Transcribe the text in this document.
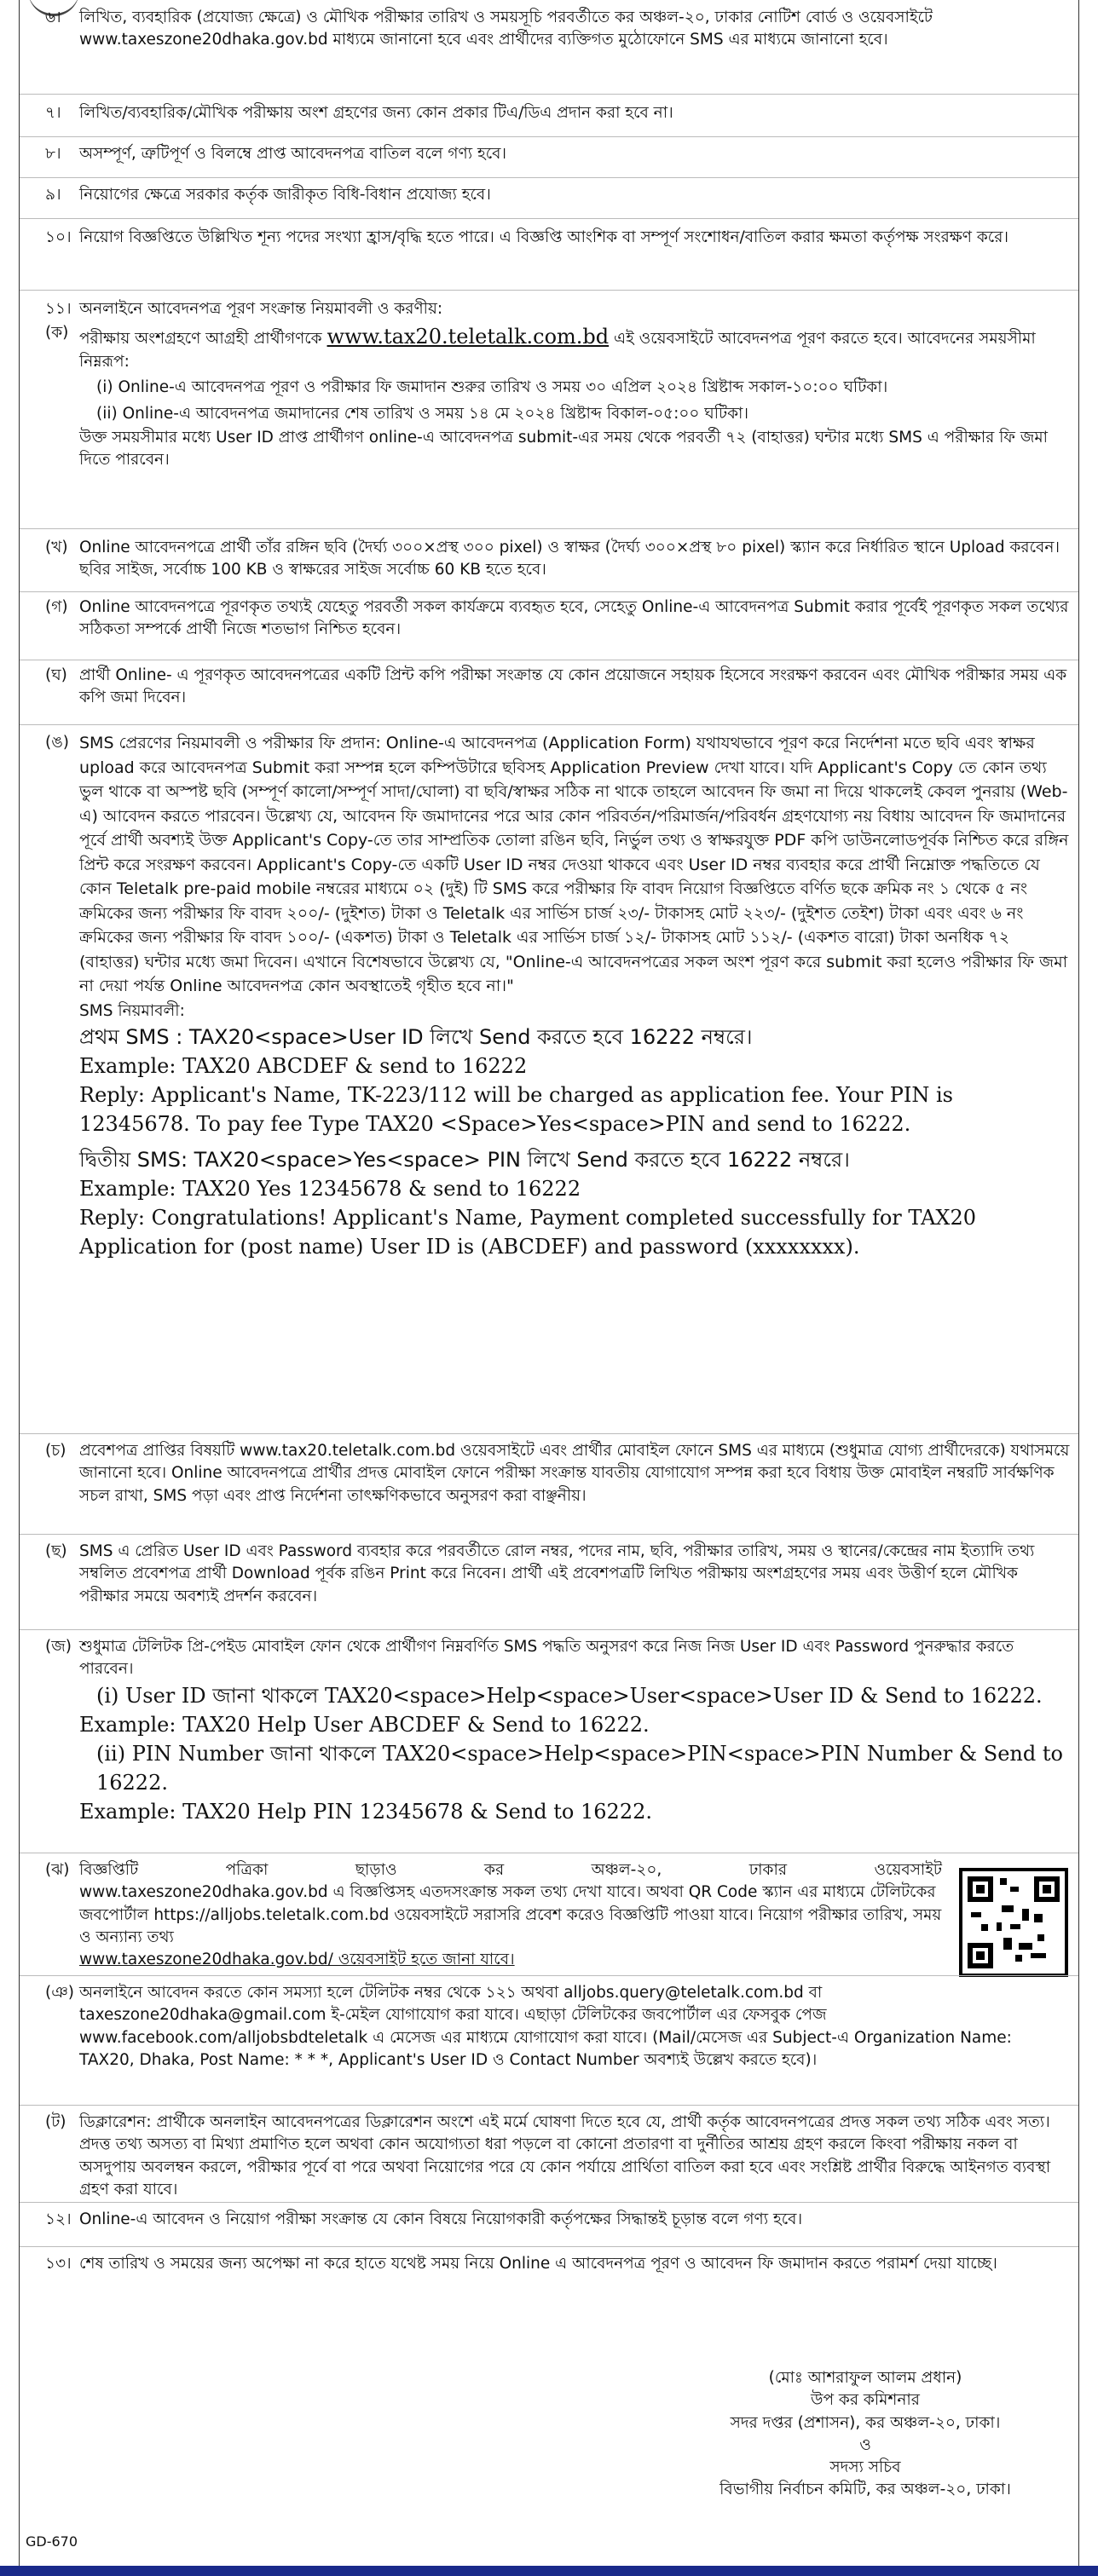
৬।	লিখিত, ব্যবহারিক (প্রযোজ্য ক্ষেত্রে) ও মৌখিক পরীক্ষার তারিখ ও সময়সূচি পরবর্তীতে কর অঞ্চল-২০, ঢাকার নোটিশ বোর্ড ও ওয়েবসাইটে www.taxeszone20dhaka.gov.bd মাধ্যমে জানানো হবে এবং প্রার্থীদের ব্যক্তিগত মুঠোফোনে SMS এর মাধ্যমে জানানো হবে।
৭।	লিখিত/ব্যবহারিক/মৌখিক পরীক্ষায় অংশ গ্রহণের জন্য কোন প্রকার টিএ/ডিএ প্রদান করা হবে না।
৮।	অসম্পূর্ণ, ত্রুটিপূর্ণ ও বিলম্বে প্রাপ্ত আবেদনপত্র বাতিল বলে গণ্য হবে।
৯।	নিয়োগের ক্ষেত্রে সরকার কর্তৃক জারীকৃত বিধি-বিধান প্রযোজ্য হবে।
১০। নিয়োগ বিজ্ঞপ্তিতে উল্লিখিত শূন্য পদের সংখ্যা হ্রাস/বৃদ্ধি হতে পারে। এ বিজ্ঞপ্তি আংশিক বা সম্পূর্ণ সংশোধন/বাতিল করার ক্ষমতা কর্তৃপক্ষ সংরক্ষণ করে।
১১। অনলাইনে আবেদনপত্র পূরণ সংক্রান্ত নিয়মাবলী ও করণীয়:
(ক) পরীক্ষায় অংশগ্রহণে আগ্রহী প্রার্থীগণকে www.tax20.teletalk.com.bd এই ওয়েবসাইটে আবেদনপত্র পূরণ করতে হবে। আবেদনের সময়সীমা নিম্নরূপ:
(i) Online-এ আবেদনপত্র পূরণ ও পরীক্ষার ফি জমাদান শুরুর তারিখ ও সময় ৩০ এপ্রিল ২০২৪ খ্রিষ্টাব্দ সকাল-১০:০০ ঘটিকা।
(ii) Online-এ আবেদনপত্র জমাদানের শেষ তারিখ ও সময় ১৪ মে ২০২৪ খ্রিষ্টাব্দ বিকাল-০৫:০০ ঘটিকা।
উক্ত সময়সীমার মধ্যে User ID প্রাপ্ত প্রার্থীগণ online-এ আবেদনপত্র submit-এর সময় থেকে পরবর্তী ৭২ (বাহাত্তর) ঘন্টার মধ্যে SMS এ পরীক্ষার ফি জমা দিতে পারবেন।
(খ) Online আবেদনপত্রে প্রার্থী তাঁর রঙ্গিন ছবি (দৈর্ঘ্য ৩০০×প্রস্থ ৩০০ pixel) ও স্বাক্ষর (দৈর্ঘ্য ৩০০×প্রস্থ ৮০ pixel) স্ক্যান করে নির্ধারিত স্থানে Upload করবেন। ছবির সাইজ, সর্বোচ্চ 100 KB ও স্বাক্ষরের সাইজ সর্বোচ্চ 60 KB হতে হবে।
(গ) Online আবেদনপত্রে পূরণকৃত তথ্যই যেহেতু পরবর্তী সকল কার্যক্রমে ব্যবহৃত হবে, সেহেতু Online-এ আবেদনপত্র Submit করার পূর্বেই পূরণকৃত সকল তথ্যের সঠিকতা সম্পর্কে প্রার্থী নিজে শতভাগ নিশ্চিত হবেন।
(ঘ) প্রার্থী Online- এ পূরণকৃত আবেদনপত্রের একটি প্রিন্ট কপি পরীক্ষা সংক্রান্ত যে কোন প্রয়োজনে সহায়ক হিসেবে সংরক্ষণ করবেন এবং মৌখিক পরীক্ষার সময় এক কপি জমা দিবেন।
(ঙ) SMS প্রেরণের নিয়মাবলী ও পরীক্ষার ফি প্রদান: Online-এ আবেদনপত্র (Application Form) যথাযথভাবে পূরণ করে নির্দেশনা মতে ছবি এবং স্বাক্ষর upload করে আবেদনপত্র Submit করা সম্পন্ন হলে কম্পিউটারে ছবিসহ Application Preview দেখা যাবে। যদি Applicant's Copy তে কোন তথ্য ভুল থাকে বা অস্পষ্ট ছবি (সম্পূর্ণ কালো/সম্পূর্ণ সাদা/ঘোলা) বা ছবি/স্বাক্ষর সঠিক না থাকে তাহলে আবেদন ফি জমা না দিয়ে থাকলেই কেবল পুনরায় (Web-এ) আবেদন করতে পারবেন। উল্লেখ্য যে, আবেদন ফি জমাদানের পরে আর কোন পরিবর্তন/পরিমার্জন/পরিবর্ধন গ্রহণযোগ্য নয় বিধায় আবেদন ফি জমাদানের পূর্বে প্রার্থী অবশ্যই উক্ত Applicant's Copy-তে তার সাম্প্রতিক তোলা রঙিন ছবি, নির্ভুল তথ্য ও স্বাক্ষরযুক্ত PDF কপি ডাউনলোডপূর্বক নিশ্চিত করে রঙ্গিন প্রিন্ট করে সংরক্ষণ করবেন। Applicant's Copy-তে একটি User ID নম্বর দেওয়া থাকবে এবং User ID নম্বর ব্যবহার করে প্রার্থী নিম্নোক্ত পদ্ধতিতে যে কোন Teletalk pre-paid mobile নম্বরের মাধ্যমে ০২ (দুই) টি SMS করে পরীক্ষার ফি বাবদ নিয়োগ বিজ্ঞপ্তিতে বর্ণিত ছকে ক্রমিক নং ১ থেকে ৫ নং ক্রমিকের জন্য পরীক্ষার ফি বাবদ ২০০/- (দুইশত) টাকা ও Teletalk এর সার্ভিস চার্জ ২৩/- টাকাসহ মোট ২২৩/- (দুইশত তেইশ) টাকা এবং এবং ৬ নং ক্রমিকের জন্য পরীক্ষার ফি বাবদ ১০০/- (একশত) টাকা ও Teletalk এর সার্ভিস চার্জ ১২/- টাকাসহ মোট ১১২/- (একশত বারো) টাকা অনধিক ৭২ (বাহাত্তর) ঘন্টার মধ্যে জমা দিবেন। এখানে বিশেষভাবে উল্লেখ্য যে, "Online-এ আবেদনপত্রের সকল অংশ পূরণ করে submit করা হলেও পরীক্ষার ফি জমা না দেয়া পর্যন্ত Online আবেদনপত্র কোন অবস্থাতেই গৃহীত হবে না।"
SMS নিয়মাবলী:
প্রথম SMS : TAX20<space>User ID লিখে Send করতে হবে 16222 নম্বরে।
Example: TAX20 ABCDEF & send to 16222
Reply: Applicant's Name, TK-223/112 will be charged as application fee. Your PIN is 12345678. To pay fee Type TAX20 <Space>Yes<space>PIN and send to 16222.
দ্বিতীয় SMS: TAX20<space>Yes<space> PIN লিখে Send করতে হবে 16222 নম্বরে।
Example: TAX20 Yes 12345678 & send to 16222
Reply: Congratulations! Applicant's Name, Payment completed successfully for TAX20 Application for (post name) User ID is (ABCDEF) and password (xxxxxxxx).
(চ) প্রবেশপত্র প্রাপ্তির বিষয়টি www.tax20.teletalk.com.bd ওয়েবসাইটে এবং প্রার্থীর মোবাইল ফোনে SMS এর মাধ্যমে (শুধুমাত্র যোগ্য প্রার্থীদেরকে) যথাসময়ে জানানো হবে। Online আবেদনপত্রে প্রার্থীর প্রদত্ত মোবাইল ফোনে পরীক্ষা সংক্রান্ত যাবতীয় যোগাযোগ সম্পন্ন করা হবে বিধায় উক্ত মোবাইল নম্বরটি সার্বক্ষণিক সচল রাখা, SMS পড়া এবং প্রাপ্ত নির্দেশনা তাৎক্ষণিকভাবে অনুসরণ করা বাঞ্ছনীয়।
(ছ) SMS এ প্রেরিত User ID এবং Password ব্যবহার করে পরবর্তীতে রোল নম্বর, পদের নাম, ছবি, পরীক্ষার তারিখ, সময় ও স্থানের/কেন্দ্রের নাম ইত্যাদি তথ্য সম্বলিত প্রবেশপত্র প্রার্থী Download পূর্বক রঙিন Print করে নিবেন। প্রার্থী এই প্রবেশপত্রটি লিখিত পরীক্ষায় অংশগ্রহণের সময় এবং উত্তীর্ণ হলে মৌখিক পরীক্ষার সময়ে অবশ্যই প্রদর্শন করবেন।
(জ) শুধুমাত্র টেলিটক প্রি-পেইড মোবাইল ফোন থেকে প্রার্থীগণ নিম্নবর্ণিত SMS পদ্ধতি অনুসরণ করে নিজ নিজ User ID এবং Password পুনরুদ্ধার করতে পারবেন।
(i) User ID জানা থাকলে TAX20<space>Help<space>User<space>User ID & Send to 16222.
Example: TAX20 Help User ABCDEF & Send to 16222.
(ii) PIN Number জানা থাকলে TAX20<space>Help<space>PIN<space>PIN Number & Send to 16222.
Example: TAX20 Help PIN 12345678 & Send to 16222.
(ঝ) বিজ্ঞপ্তিটি পত্রিকা ছাড়াও কর অঞ্চল-২০, ঢাকার ওয়েবসাইট
www.taxeszone20dhaka.gov.bd এ বিজ্ঞপ্তিসহ এতদসংক্রান্ত সকল তথ্য দেখা যাবে। অথবা QR Code স্ক্যান এর মাধ্যমে টেলিটকের জবপোর্টাল https://alljobs.teletalk.com.bd ওয়েবসাইটে সরাসরি প্রবেশ করেও বিজ্ঞপ্তিটি পাওয়া যাবে। নিয়োগ পরীক্ষার তারিখ, সময় ও অন্যান্য তথ্য
www.taxeszone20dhaka.gov.bd/ ওয়েবসাইট হতে জানা যাবে।
(ঞ) অনলাইনে আবেদন করতে কোন সমস্যা হলে টেলিটক নম্বর থেকে ১২১ অথবা alljobs.query@teletalk.com.bd বা taxeszone20dhaka@gmail.com ই-মেইল যোগাযোগ করা যাবে। এছাড়া টেলিটকের জবপোর্টাল এর ফেসবুক পেজ www.facebook.com/alljobsbdteletalk এ মেসেজ এর মাধ্যমে যোগাযোগ করা যাবে। (Mail/মেসেজ এর Subject-এ Organization Name: TAX20, Dhaka, Post Name: * * *, Applicant's User ID ও Contact Number অবশ্যই উল্লেখ করতে হবে)।
(ট) ডিক্লারেশন: প্রার্থীকে অনলাইন আবেদনপত্রের ডিক্লারেশন অংশে এই মর্মে ঘোষণা দিতে হবে যে, প্রার্থী কর্তৃক আবেদনপত্রের প্রদত্ত সকল তথ্য সঠিক এবং সত্য। প্রদত্ত তথ্য অসত্য বা মিথ্যা প্রমাণিত হলে অথবা কোন অযোগ্যতা ধরা পড়লে বা কোনো প্রতারণা বা দুর্নীতির আশ্রয় গ্রহণ করলে কিংবা পরীক্ষায় নকল বা অসদুপায় অবলম্বন করলে, পরীক্ষার পূর্বে বা পরে অথবা নিয়োগের পরে যে কোন পর্যায়ে প্রার্থিতা বাতিল করা হবে এবং সংশ্লিষ্ট প্রার্থীর বিরুদ্ধে আইনগত ব্যবস্থা গ্রহণ করা যাবে।
১২। Online-এ আবেদন ও নিয়োগ পরীক্ষা সংক্রান্ত যে কোন বিষয়ে নিয়োগকারী কর্তৃপক্ষের সিদ্ধান্তই চূড়ান্ত বলে গণ্য হবে।
১৩। শেষ তারিখ ও সময়ের জন্য অপেক্ষা না করে হাতে যথেষ্ট সময় নিয়ে Online এ আবেদনপত্র পূরণ ও আবেদন ফি জমাদান করতে পরামর্শ দেয়া যাচ্ছে।
(মোঃ আশরাফুল আলম প্রধান)
উপ কর কমিশনার
সদর দপ্তর (প্রশাসন), কর অঞ্চল-২০, ঢাকা।
ও
সদস্য সচিব
বিভাগীয় নির্বাচন কমিটি, কর অঞ্চল-২০, ঢাকা।
GD-670
